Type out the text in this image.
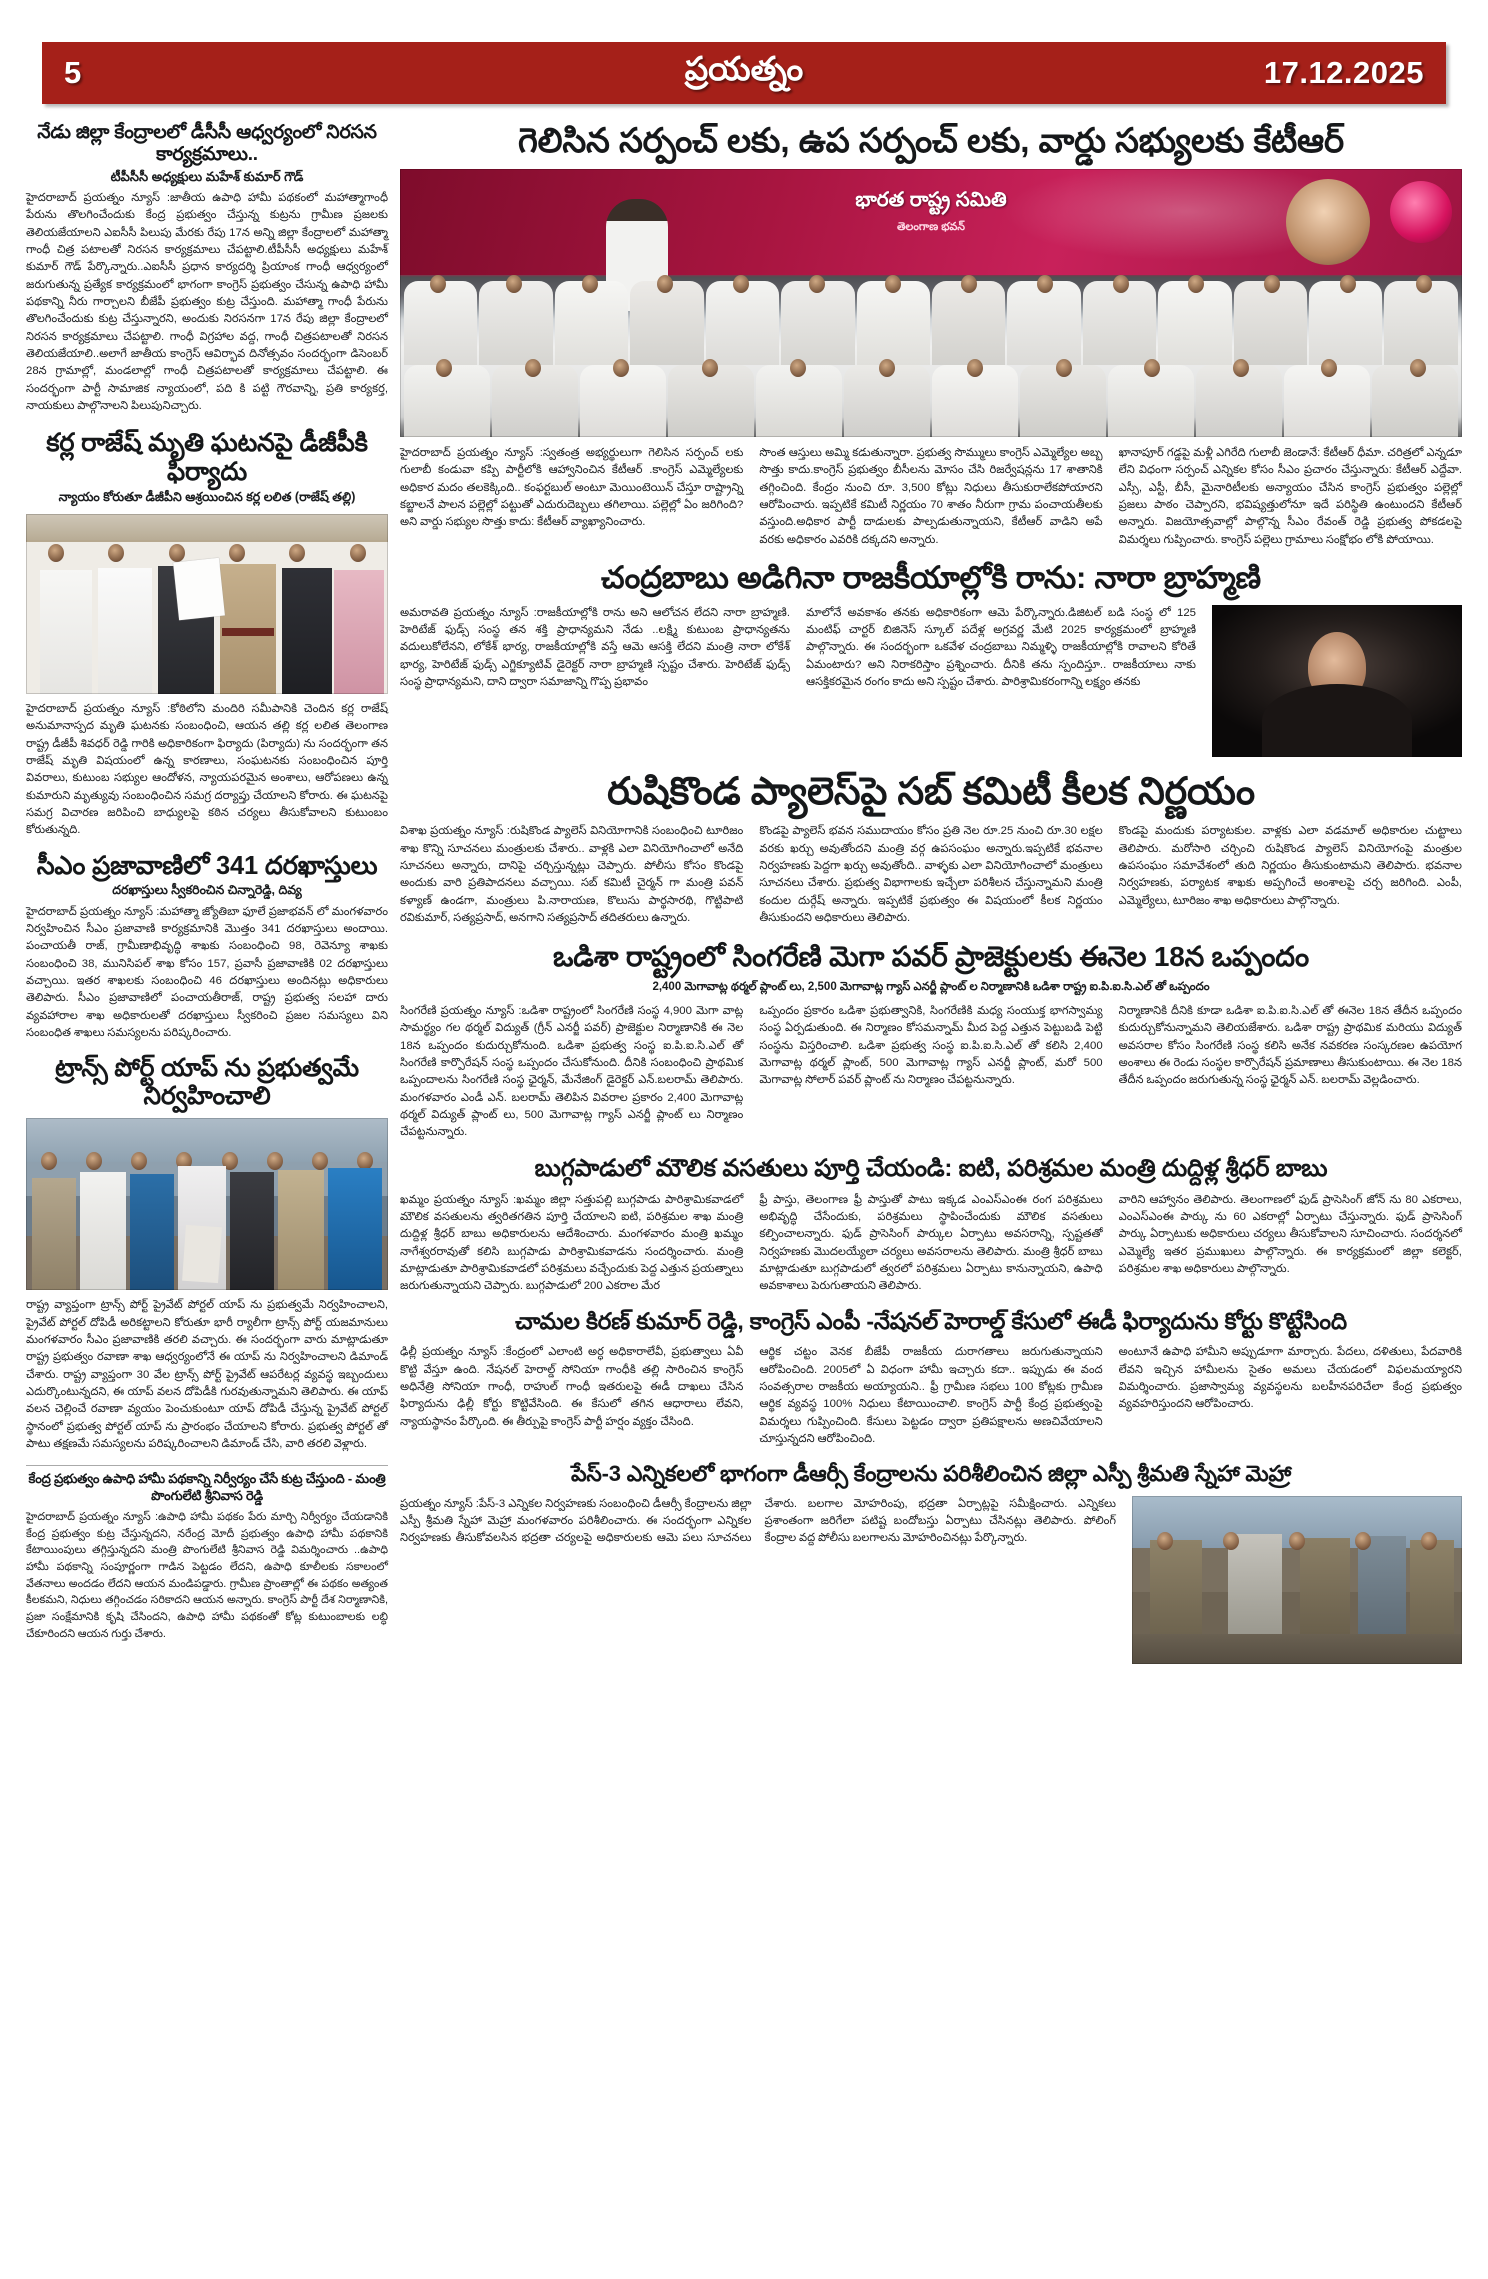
5	ప్రయత్నం	17.12.2025
నేడు జిల్లా కేంద్రాలలో డీసీసీ ఆధ్వర్యంలో నిరసన కార్యక్రమాలు..
టీపీసీసీ అధ్యక్షులు మహేశ్ కుమార్ గౌడ్
హైదరాబాద్ ప్రయత్నం న్యూస్ :జాతీయ ఉపాధి హామీ పథకంలో మహాత్మాగాంధీ పేరును తొలగించేందుకు కేంద్ర ప్రభుత్వం చేస్తున్న కుట్రను గ్రామీణ ప్రజలకు తెలియజేయాలని ఎఐసీసీ పిలుపు మేరకు రేపు 17న అన్ని జిల్లా కేంద్రాలలో మహాత్మా గాంధీ చిత్ర పటాలతో నిరసన కార్యక్రమాలు చేపట్టాలి.టీపీసీసీ అధ్యక్షులు మహేశ్ కుమార్ గౌడ్ పేర్కొన్నారు..ఎఐసీసీ ప్రధాన కార్యదర్శి ప్రియాంక గాంధీ ఆధ్వర్యంలో జరుగుతున్న ప్రత్యేక కార్యక్రమంలో భాగంగా కాంగ్రెస్ ప్రభుత్వం చేసున్న ఉపాధి హామీ పథకాన్ని నీరు గార్చాలని బీజేపీ ప్రభుత్వం కుట్ర చేస్తుంది. మహాత్మా గాంధీ పేరును తొలగించేందుకు కుట్ర చేస్తున్నారని, అందుకు నిరసనగా 17న రేపు జిల్లా కేంద్రాలలో నిరసన కార్యక్రమాలు చేపట్టాలి. గాంధీ విగ్రహాల వద్ద, గాంధీ చిత్రపటాలతో నిరసన తెలియజేయాలి..అలాగే జాతీయ కాంగ్రెస్ ఆవిర్భావ దినోత్సవం సందర్భంగా డిసెంబర్ 28న గ్రామాల్లో, మండలాల్లో గాంధీ చిత్రపటాలతో కార్యక్రమాలు చేపట్టాలి. ఈ సందర్భంగా పార్టీ సామాజిక న్యాయంలో, పది కి పట్టి గౌరవాన్ని, ప్రతి కార్యకర్త, నాయకులు పాల్గొనాలని పిలుపునిచ్చారు.
కర్ల రాజేష్ మృతి ఘటనపై డీజీపీకి ఫిర్యాదు
న్యాయం కోరుతూ డీజీపీని ఆశ్రయించిన కర్ల లలిత (రాజేష్ తల్లి)
హైదరాబాద్ ప్రయత్నం న్యూస్ :కోఠిలోని మందిరి సమీపానికి చెందిన కర్ల రాజేష్ అనుమానాస్పద మృతి ఘటనకు సంబంధించి, ఆయన తల్లి కర్ల లలిత తెలంగాణ రాష్ట్ర డీజీపీ శివధర్ రెడ్డి గారికి అధికారికంగా ఫిర్యాదు (పిర్యాదు) ను సందర్భంగా తన రాజేష్ మృతి విషయంలో ఉన్న కారణాలు, సంఘటనకు సంబంధించిన పూర్తి వివరాలు, కుటుంబ సభ్యుల ఆందోళన, న్యాయపరమైన అంశాలు, ఆరోపణలు ఉన్న కుమారుని మృత్యువు సంబంధించిన సమగ్ర దర్యాప్తు చేయాలని కోరారు. ఈ ఘటనపై సమగ్ర విచారణ జరిపించి బాధ్యులపై కఠిన చర్యలు తీసుకోవాలని కుటుంబం కోరుతున్నది.
సీఎం ప్రజావాణిలో 341 దరఖాస్తులు
దరఖాస్తులు స్వీకరించిన చిన్నారెడ్డి, దివ్య
హైదరాబాద్ ప్రయత్నం న్యూస్ :మహాత్మా జ్యోతిబా ఫూలే ప్రజాభవన్ లో మంగళవారం నిర్వహించిన సీఎం ప్రజావాణి కార్యక్రమానికి మొత్తం 341 దరఖాస్తులు అందాయి. పంచాయతీ రాజ్, గ్రామీణాభివృద్ధి శాఖకు సంబంధించి 98, రెవెన్యూ శాఖకు సంబంధించి 38, మునిసిపల్ శాఖ కోసం 157, ప్రవాసీ ప్రజావాణికి 02 దరఖాస్తులు వచ్చాయి. ఇతర శాఖలకు సంబంధించి 46 దరఖాస్తులు అందినట్లు అధికారులు తెలిపారు. సీఎం ప్రజావాణిలో పంచాయతీరాజ్, రాష్ట్ర ప్రభుత్వ సలహా దారు వ్యవహారాల శాఖ అధికారులతో దరఖాస్తులు స్వీకరించి ప్రజల సమస్యలు విని సంబంధిత శాఖలు సమస్యలను పరిష్కరించారు.
ట్రాన్స్ పోర్ట్ యాప్ ను ప్రభుత్వమే నిర్వహించాలి
రాష్ట్ర వ్యాప్తంగా ట్రాన్స్ పోర్ట్ ప్రైవేట్ పోర్టల్ యాప్ ను ప్రభుత్వమే నిర్వహించాలని, ప్రైవేట్ పోర్టల్ దోపిడీ అరికట్టాలని కోరుతూ భారీ ర్యాలీగా ట్రాన్స్ పోర్ట్ యజమానులు మంగళవారం సీఎం ప్రజావాణికి తరలి వచ్చారు. ఈ సందర్భంగా వారు మాట్లాడుతూ రాష్ట్ర ప్రభుత్వం రవాణా శాఖ ఆధ్వర్యంలోనే ఈ యాప్ ను నిర్వహించాలని డిమాండ్ చేశారు. రాష్ట్ర వ్యాప్తంగా 30 వేల ట్రాన్స్ పోర్ట్ ప్రైవేట్ ఆపరేటర్ల వ్యవస్థ ఇబ్బందులు ఎదుర్కొంటున్నదని, ఈ యాప్ వలన దోపిడీకి గురవుతున్నామని తెలిపారు. ఈ యాప్ వలన చెల్లించే రవాణా వ్యయం పెంచుకుంటూ యాప్ దోపిడీ చేస్తున్న ప్రైవేట్ పోర్టల్ స్థానంలో ప్రభుత్వ పోర్టల్ యాప్ ను ప్రారంభం చేయాలని కోరారు. ప్రభుత్వ పోర్టల్ తో పాటు తక్షణమే సమస్యలను పరిష్కరించాలని డిమాండ్ చేసి, వారి తరలి వెళ్లారు.
కేంద్ర ప్రభుత్వం ఉపాధి హామీ పథకాన్ని నిర్వీర్యం చేసే కుట్ర చేస్తుంది - మంత్రి పొంగులేటి శ్రీనివాస రెడ్డి
హైదరాబాద్ ప్రయత్నం న్యూస్ :ఉపాధి హామీ పథకం పేరు మార్చి నిర్వీర్యం చేయడానికి కేంద్ర ప్రభుత్వం కుట్ర చేస్తున్నదని, నరేంద్ర మోదీ ప్రభుత్వం ఉపాధి హామీ పథకానికి కేటాయింపులు తగ్గిస్తున్నదని మంత్రి పొంగులేటి శ్రీనివాస రెడ్డి విమర్శించారు ..ఉపాధి హామీ పథకాన్ని సంపూర్ణంగా గాడిన పెట్టడం లేదని, ఉపాధి కూలీలకు సకాలంలో వేతనాలు అందడం లేదని ఆయన మండిపడ్డారు. గ్రామీణ ప్రాంతాల్లో ఈ పథకం అత్యంత కీలకమని, నిధులు తగ్గించడం సరికాదని ఆయన అన్నారు. కాంగ్రెస్ పార్టీ దేశ నిర్మాణానికి, ప్రజా సంక్షేమానికి కృషి చేసిందని, ఉపాధి హామీ పథకంతో కోట్ల కుటుంబాలకు లబ్ధి చేకూరిందని ఆయన గుర్తు చేశారు.
గెలిసిన సర్పంచ్ లకు, ఉప సర్పంచ్ లకు, వార్డు సభ్యులకు కేటీఆర్
భారత రాష్ట్ర సమితి
తెలంగాణ భవన్
హైదరాబాద్ ప్రయత్నం న్యూస్ :స్వతంత్ర అభ్యర్థులుగా గెలిసిన సర్పంచ్ లకు గులాబీ కండువా కప్పి పార్టీలోకి ఆహ్వానించిన కేటీఆర్ .కాంగ్రెస్ ఎమ్మెల్యేలకు అధికార మదం తలకెక్కింది.. కంఫర్టబుల్ అంటూ మెయింటెయిన్ చేస్తూ రాష్ట్రాన్ని కబ్జాలనే పాలన పల్లెల్లో పట్టుతో ఎదురుదెబ్బలు తగిలాయి. పల్లెల్లో ఏం జరిగింది? అని వార్డు సభ్యుల సొత్తు కాదు: కేటీఆర్ వ్యాఖ్యానించారు.
సొంత ఆస్తులు అమ్మి కడుతున్నారా. ప్రభుత్వ సొమ్ములు కాంగ్రెస్ ఎమ్మెల్యేల అబ్బ సొత్తు కాదు.కాంగ్రెస్ ప్రభుత్వం బీసీలను మోసం చేసి రిజర్వేషన్లను 17 శాతానికి తగ్గించింది. కేంద్రం నుంచి రూ. 3,500 కోట్లు నిధులు తీసుకురాలేకపోయారని ఆరోపించారు. ఇప్పటికే కమిటీ నిర్ణయం 70 శాతం నీరుగా గ్రామ పంచాయతీలకు వస్తుంది.అధికార పార్టీ దాడులకు పాల్పడుతున్నాయని, కేటీఆర్ వాడిని అపే వరకు అధికారం ఎవరికి దక్కదని అన్నారు.
ఖానాపూర్ గడ్డపై మళ్లీ ఎగిరేది గులాబీ జెండానే: కేటీఆర్ ధీమా. చరిత్రలో ఎన్నడూ లేని విధంగా సర్పంచ్ ఎన్నికల కోసం సీఎం ప్రచారం చేస్తున్నారు: కేటీఆర్ ఎద్దేవా. ఎస్సీ, ఎస్టీ, బీసీ, మైనారిటీలకు అన్యాయం చేసిన కాంగ్రెస్ ప్రభుత్వం పల్లెల్లో ప్రజలు పాఠం చెప్పారని, భవిష్యత్తులోనూ ఇదే పరిస్థితి ఉంటుందని కేటీఆర్ అన్నారు. విజయోత్సవాల్లో పాల్గొన్న సీఎం రేవంత్ రెడ్డి ప్రభుత్వ పోకడలపై విమర్శలు గుప్పించారు. కాంగ్రెస్ పల్లెలు గ్రామాలు సంక్షోభం లోకి పోయాయి.
చంద్రబాబు అడిగినా రాజకీయాల్లోకి రాను: నారా బ్రాహ్మణి
అమరావతి ప్రయత్నం న్యూస్ :రాజకీయాల్లోకి రాను అని ఆలోచన లేదని నారా బ్రాహ్మణి. హెరిటేజ్ ఫుడ్స్ సంస్థ తన శక్తి ప్రాధాన్యమని నేడు ..లక్ష్మి కుటుంబ ప్రాధాన్యతను వదులుకోలేనని, లోకేశ్ భార్య, రాజకీయాల్లోకి వస్తే ఆమె ఆసక్తి లేదని మంత్రి నారా లోకేశ్ భార్య, హెరిటేజ్ ఫుడ్స్ ఎగ్జిక్యూటివ్ డైరెక్టర్ నారా బ్రాహ్మణి స్పష్టం చేశారు. హెరిటేజ్ ఫుడ్స్ సంస్థ ప్రాధాన్యమని, దాని ద్వారా సమాజాన్ని గొప్ప ప్రభావం
మాలోనే అవకాశం తనకు అధికారికంగా ఆమె పేర్కొన్నారు.డిజిటల్ బడి సంస్థ లో 125 మంటిఫ్ చార్టర్ బిజినెస్ స్కూల్ పదేళ్ల అగ్రవర్ణ మేటి 2025 కార్యక్రమంలో బ్రాహ్మణి పాల్గొన్నారు. ఈ సందర్భంగా ఒకవేళ చంద్రబాబు నిమ్మళ్ళి రాజకీయాల్లోకి రావాలని కోరితే ఏమంటారు? అని నిరాకరిస్తాం ప్రశ్నించారు. దీనికి తను స్పందిస్తూ.. రాజకీయాలు నాకు ఆసక్తికరమైన రంగం కాదు అని స్పష్టం చేశారు. పారిశ్రామికరంగాన్ని లక్ష్యం తనకు
రుషికొండ ప్యాలెస్‌పై సబ్ కమిటీ కీలక నిర్ణయం
విశాఖ ప్రయత్నం న్యూస్ :రుషికొండ ప్యాలెస్ వినియోగానికి సంబంధించి టూరిజం శాఖ కొన్ని సూచనలు మంత్రులకు చేశారు.. వాళ్లకి ఎలా వినియోగించాలో అనేది సూచనలు అన్నారు, దానిపై చర్చిస్తున్నట్లు చెప్పారు. పోలీసు కోసం కొండపై అందుకు వారి ప్రతిపాదనలు వచ్చాయి. సబ్ కమిటీ చైర్మన్ గా మంత్రి పవన్ కళ్యాణ్ ఉండగా, మంత్రులు పి.నారాయణ, కొలుసు పార్థసారథి, గొట్టిపాటి రవికుమార్, సత్యప్రసాద్, అనగాని సత్యప్రసాద్ తదితరులు ఉన్నారు.
కొండపై ప్యాలెస్ భవన సముదాయం కోసం ప్రతి నెల రూ.25 నుంచి రూ.30 లక్షల వరకు ఖర్చు అవుతోందని మంత్రి వర్గ ఉపసంఘం అన్నారు.ఇప్పటికే భవనాల నిర్వహణకు పెద్దగా ఖర్చు అవుతోంది.. వాళ్ళకు ఎలా వినియోగించాలో మంత్రులు సూచనలు చేశారు. ప్రభుత్వ విభాగాలకు ఇచ్చేలా పరిశీలన చేస్తున్నామని మంత్రి కందుల దుర్గేష్ అన్నారు. ఇప్పటికే ప్రభుత్వం ఈ విషయంలో కీలక నిర్ణయం తీసుకుందని అధికారులు తెలిపారు.
కొండపై మందుకు పర్యాటకుల. వాళ్లకు ఎలా వడమాల్ అధికారుల చుట్టాలు తెలిపారు. మరోసారి చర్చించి రుషికొండ ప్యాలెస్ వినియోగంపై మంత్రుల ఉపసంఘం సమావేశంలో తుది నిర్ణయం తీసుకుంటామని తెలిపారు. భవనాల నిర్వహణకు, పర్యాటక శాఖకు అప్పగించే అంశాలపై చర్చ జరిగింది. ఎంపీ, ఎమ్మెల్యేలు, టూరిజం శాఖ అధికారులు పాల్గొన్నారు.
ఒడిశా రాష్ట్రంలో సింగరేణి మెగా పవర్ ప్రాజెక్టులకు ఈనెల 18న ఒప్పందం
2,400 మెగావాట్ల థర్మల్ ప్లాంట్ లు, 2,500 మెగావాట్ల గ్యాస్ ఎనర్జీ ప్లాంట్ ల నిర్మాణానికి ఒడిశా రాష్ట్ర ఐ.పి.ఐ.సి.ఎల్ తో ఒప్పందం
సింగరేణి ప్రయత్నం న్యూస్ :ఒడిశా రాష్ట్రంలో సింగరేణి సంస్థ 4,900 మెగా వాట్ల సామర్థ్యం గల థర్మల్ విద్యుత్ (గ్రీన్ ఎనర్జీ పవర్) ప్రాజెక్టుల నిర్మాణానికి ఈ నెల 18న ఒప్పందం కుదుర్చుకోనుంది. ఒడిశా ప్రభుత్వ సంస్థ ఐ.పి.ఐ.సి.ఎల్ తో సింగరేణి కార్పొరేషన్ సంస్థ ఒప్పందం చేసుకోనుంది. దీనికి సంబంధించి ప్రాథమిక ఒప్పందాలను సింగరేణి సంస్థ ఛైర్మన్, మేనేజింగ్ డైరెక్టర్ ఎన్.బలరామ్ తెలిపారు. మంగళవారం ఎండీ ఎన్. బలరామ్ తెలిపిన వివరాల ప్రకారం 2,400 మెగావాట్ల థర్మల్ విద్యుత్ ప్లాంట్ లు, 500 మెగావాట్ల గ్యాస్ ఎనర్జీ ప్లాంట్ లు నిర్మాణం చేపట్టనున్నారు.
ఒప్పందం ప్రకారం ఒడిశా ప్రభుత్వానికి, సింగరేణికి మధ్య సంయుక్త భాగస్వామ్య సంస్థ ఏర్పడుతుంది. ఈ నిర్మాణం కోసమన్నామ్ మీద పెద్ద ఎత్తున పెట్టుబడి పెట్టి సంస్థను విస్తరించాలి. ఒడిశా ప్రభుత్వ సంస్థ ఐ.పి.ఐ.సి.ఎల్ తో కలిసి 2,400 మెగావాట్ల థర్మల్ ప్లాంట్, 500 మెగావాట్ల గ్యాస్ ఎనర్జీ ప్లాంట్, మరో 500 మెగావాట్ల సోలార్ పవర్ ప్లాంట్ ను నిర్మాణం చేపట్టనున్నారు.
నిర్మాణానికి దీనికి కూడా ఒడిశా ఐ.పి.ఐ.సి.ఎల్ తో ఈనెల 18న తేదీన ఒప్పందం కుదుర్చుకోనున్నామని తెలియజేశారు. ఒడిశా రాష్ట్ర ప్రాథమిక మరియు విద్యుత్ అవసరాల కోసం సింగరేణి సంస్థ కలిసి అనేక నవకరణ సంస్కరణల ఉపయోగ అంశాలు ఈ రెండు సంస్థల కార్పొరేషన్ ప్రమాణాలు తీసుకుంటాయి. ఈ నెల 18న తేదీన ఒప్పందం జరుగుతున్న సంస్థ ఛైర్మన్ ఎన్. బలరామ్ వెల్లడించారు.
బుగ్గపాడులో మౌలిక వసతులు పూర్తి చేయండి: ఐటి, పరిశ్రమల మంత్రి దుద్దిళ్ల శ్రీధర్ బాబు
ఖమ్మం ప్రయత్నం న్యూస్ :ఖమ్మం జిల్లా సత్తుపల్లి బుగ్గపాడు పారిశ్రామికవాడలో మౌలిక వసతులను త్వరితగతిన పూర్తి చేయాలని ఐటి, పరిశ్రమల శాఖ మంత్రి దుద్దిళ్ల శ్రీధర్ బాబు అధికారులను ఆదేశించారు. మంగళవారం మంత్రి ఖమ్మం నాగేశ్వరరావుతో కలిసి బుగ్గపాడు పారిశ్రామికవాడను సందర్శించారు. మంత్రి మాట్లాడుతూ పారిశ్రామికవాడలో పరిశ్రమలు వచ్చేందుకు పెద్ద ఎత్తున ప్రయత్నాలు జరుగుతున్నాయని చెప్పారు. బుగ్గపాడులో 200 ఎకరాల మేర
ఫ్రీ పాస్తు, తెలంగాణ ఫ్రీ పాస్తుతో పాటు ఇక్కడ ఎంఎస్ఎంఈ రంగ పరిశ్రమలు అభివృద్ధి చేసేందుకు, పరిశ్రమలు స్థాపించేందుకు మౌలిక వసతులు కల్పించాలన్నారు. ఫుడ్ ప్రాసెసింగ్ పార్కుల ఏర్పాటు అవసరాన్ని, స్పష్టతతో నిర్వహణకు మొదలయ్యేలా చర్యలు అవసరాలను తెలిపారు. మంత్రి శ్రీధర్ బాబు మాట్లాడుతూ బుగ్గపాడులో త్వరలో పరిశ్రమలు ఏర్పాటు కానున్నాయని, ఉపాధి అవకాశాలు పెరుగుతాయని తెలిపారు.
వారిని ఆహ్వానం తెలిపారు. తెలంగాణలో ఫుడ్ ప్రాసెసింగ్ జోన్ ను 80 ఎకరాలు, ఎంఎస్ఎంఈ పార్కు ను 60 ఎకరాల్లో ఏర్పాటు చేస్తున్నారు. ఫుడ్ ప్రాసెసింగ్ పార్కు ఏర్పాటుకు అధికారులు చర్యలు తీసుకోవాలని సూచించారు. సందర్శనలో ఎమ్మెల్యే ఇతర ప్రముఖులు పాల్గొన్నారు. ఈ కార్యక్రమంలో జిల్లా కలెక్టర్, పరిశ్రమల శాఖ అధికారులు పాల్గొన్నారు.
చామల కిరణ్ కుమార్ రెడ్డి, కాంగ్రెస్ ఎంపీ -నేషనల్ హెరాల్డ్ కేసులో ఈడీ ఫిర్యాదును కోర్టు కొట్టేసింది
ఢిల్లీ ప్రయత్నం న్యూస్ :కేంద్రంలో ఎలాంటి అర్ధ అధికారాలేవీ, ప్రభుత్వాలు ఏవీ కొట్టి వేస్తూ ఉంది. నేషనల్ హెరాల్డ్ సోనియా గాంధీకి తల్లి సారించిన కాంగ్రెస్ అధినేత్రి సోనియా గాంధీ, రాహుల్ గాంధీ ఇతరులపై ఈడీ దాఖలు చేసిన ఫిర్యాదును ఢిల్లీ కోర్టు కొట్టివేసింది. ఈ కేసులో తగిన ఆధారాలు లేవని, న్యాయస్థానం పేర్కొంది. ఈ తీర్పుపై కాంగ్రెస్ పార్టీ హర్షం వ్యక్తం చేసింది.
ఆర్థిక చట్టం వెనక బీజేపీ రాజకీయ దురాగతాలు జరుగుతున్నాయని ఆరోపించింది. 2005లో ఏ విధంగా హామీ ఇచ్చారు కదా.. ఇప్పుడు ఈ వంద సంవత్సరాల రాజకీయ అయ్యాయని.. ఫ్రీ గ్రామీణ సభలు 100 కోట్లకు గ్రామీణ ఆర్థిక వ్యవస్థ 100% నిధులు కేటాయించాలి. కాంగ్రెస్ పార్టీ కేంద్ర ప్రభుత్వంపై విమర్శలు గుప్పించింది. కేసులు పెట్టడం ద్వారా ప్రతిపక్షాలను అణచివేయాలని చూస్తున్నదని ఆరోపించింది.
అంటూనే ఉపాధి హామీని అప్పుడూగా మార్చారు. పేదలు, దళితులు, పేదవారికి లేవని ఇచ్చిన హామీలను సైతం అమలు చేయడంలో విఫలమయ్యారని విమర్శించారు. ప్రజాస్వామ్య వ్యవస్థలను బలహీనపరిచేలా కేంద్ర ప్రభుత్వం వ్యవహరిస్తుందని ఆరోపించారు.
పేస్-3 ఎన్నికలలో భాగంగా డీఆర్సీ కేంద్రాలను పరిశీలించిన జిల్లా ఎస్పీ శ్రీమతి స్నేహా మెహ్రా
ప్రయత్నం న్యూస్ :పేస్-3 ఎన్నికల నిర్వహణకు సంబంధించి డీఆర్సీ కేంద్రాలను జిల్లా ఎస్పీ శ్రీమతి స్నేహా మెహ్రా మంగళవారం పరిశీలించారు. ఈ సందర్భంగా ఎన్నికల నిర్వహణకు తీసుకోవలసిన భద్రతా చర్యలపై అధికారులకు ఆమె పలు సూచనలు చేశారు. బలగాల మోహరింపు, భద్రతా ఏర్పాట్లపై సమీక్షించారు. ఎన్నికలు ప్రశాంతంగా జరిగేలా పటిష్ట బందోబస్తు ఏర్పాటు చేసినట్లు తెలిపారు. పోలింగ్ కేంద్రాల వద్ద పోలీసు బలగాలను మోహరించినట్లు పేర్కొన్నారు.
